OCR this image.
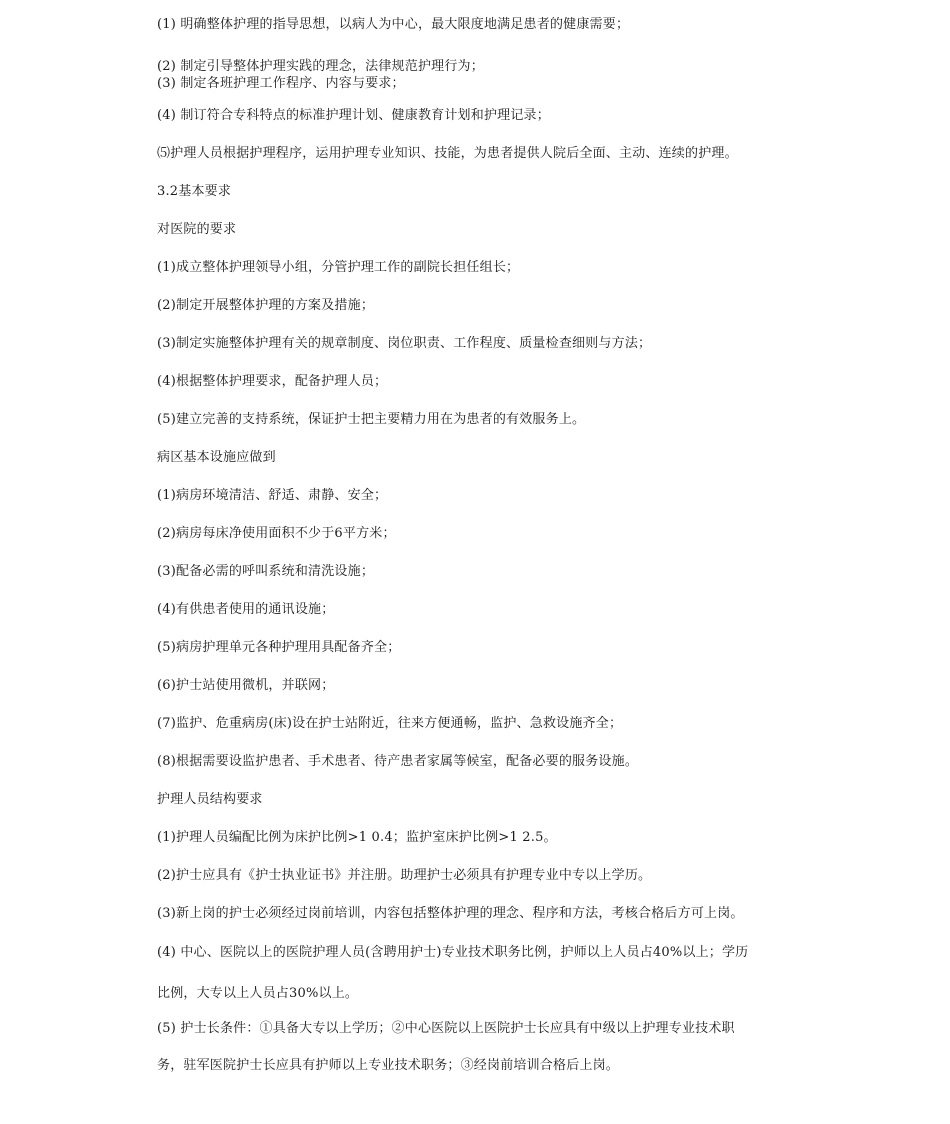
(1) 明确整体护理的指导思想，以病人为中心，最大限度地满足患者的健康需要；
(2) 制定引导整体护理实践的理念，法律规范护理行为；
(3) 制定各班护理工作程序、内容与要求；
(4) 制订符合专科特点的标准护理计划、健康教育计划和护理记录；
⑸护理人员根据护理程序，运用护理专业知识、技能，为患者提供人院后全面、主动、连续的护理。
3.2基本要求
对医院的要求
(1)成立整体护理领导小组，分管护理工作的副院长担任组长；
(2)制定开展整体护理的方案及措施；
(3)制定实施整体护理有关的规章制度、岗位职责、工作程度、质量检查细则与方法；
(4)根据整体护理要求，配备护理人员；
(5)建立完善的支持系统，保证护士把主要精力用在为患者的有效服务上。
病区基本设施应做到
(1)病房环境清洁、舒适、肃静、安全；
(2)病房每床净使用面积不少于6平方米；
(3)配备必需的呼叫系统和清洗设施；
(4)有供患者使用的通讯设施；
(5)病房护理单元各种护理用具配备齐全；
(6)护士站使用微机，并联网；
(7)监护、危重病房(床)设在护士站附近，往来方便通畅，监护、急救设施齐全；
(8)根据需要设监护患者、手术患者、待产患者家属等候室，配备必要的服务设施。
护理人员结构要求
(1)护理人员编配比例为床护比例>1 0.4；监护室床护比例>1 2.5。
(2)护士应具有《护士执业证书》并注册。助理护士必须具有护理专业中专以上学历。
(3)新上岗的护士必须经过岗前培训，内容包括整体护理的理念、程序和方法，考核合格后方可上岗。
(4) 中心、医院以上的医院护理人员(含聘用护士)专业技术职务比例，护师以上人员占40%以上；学历
比例，大专以上人员占30%以上。
(5) 护士长条件：①具备大专以上学历；②中心医院以上医院护士长应具有中级以上护理专业技术职
务，驻军医院护士长应具有护师以上专业技术职务；③经岗前培训合格后上岗。
